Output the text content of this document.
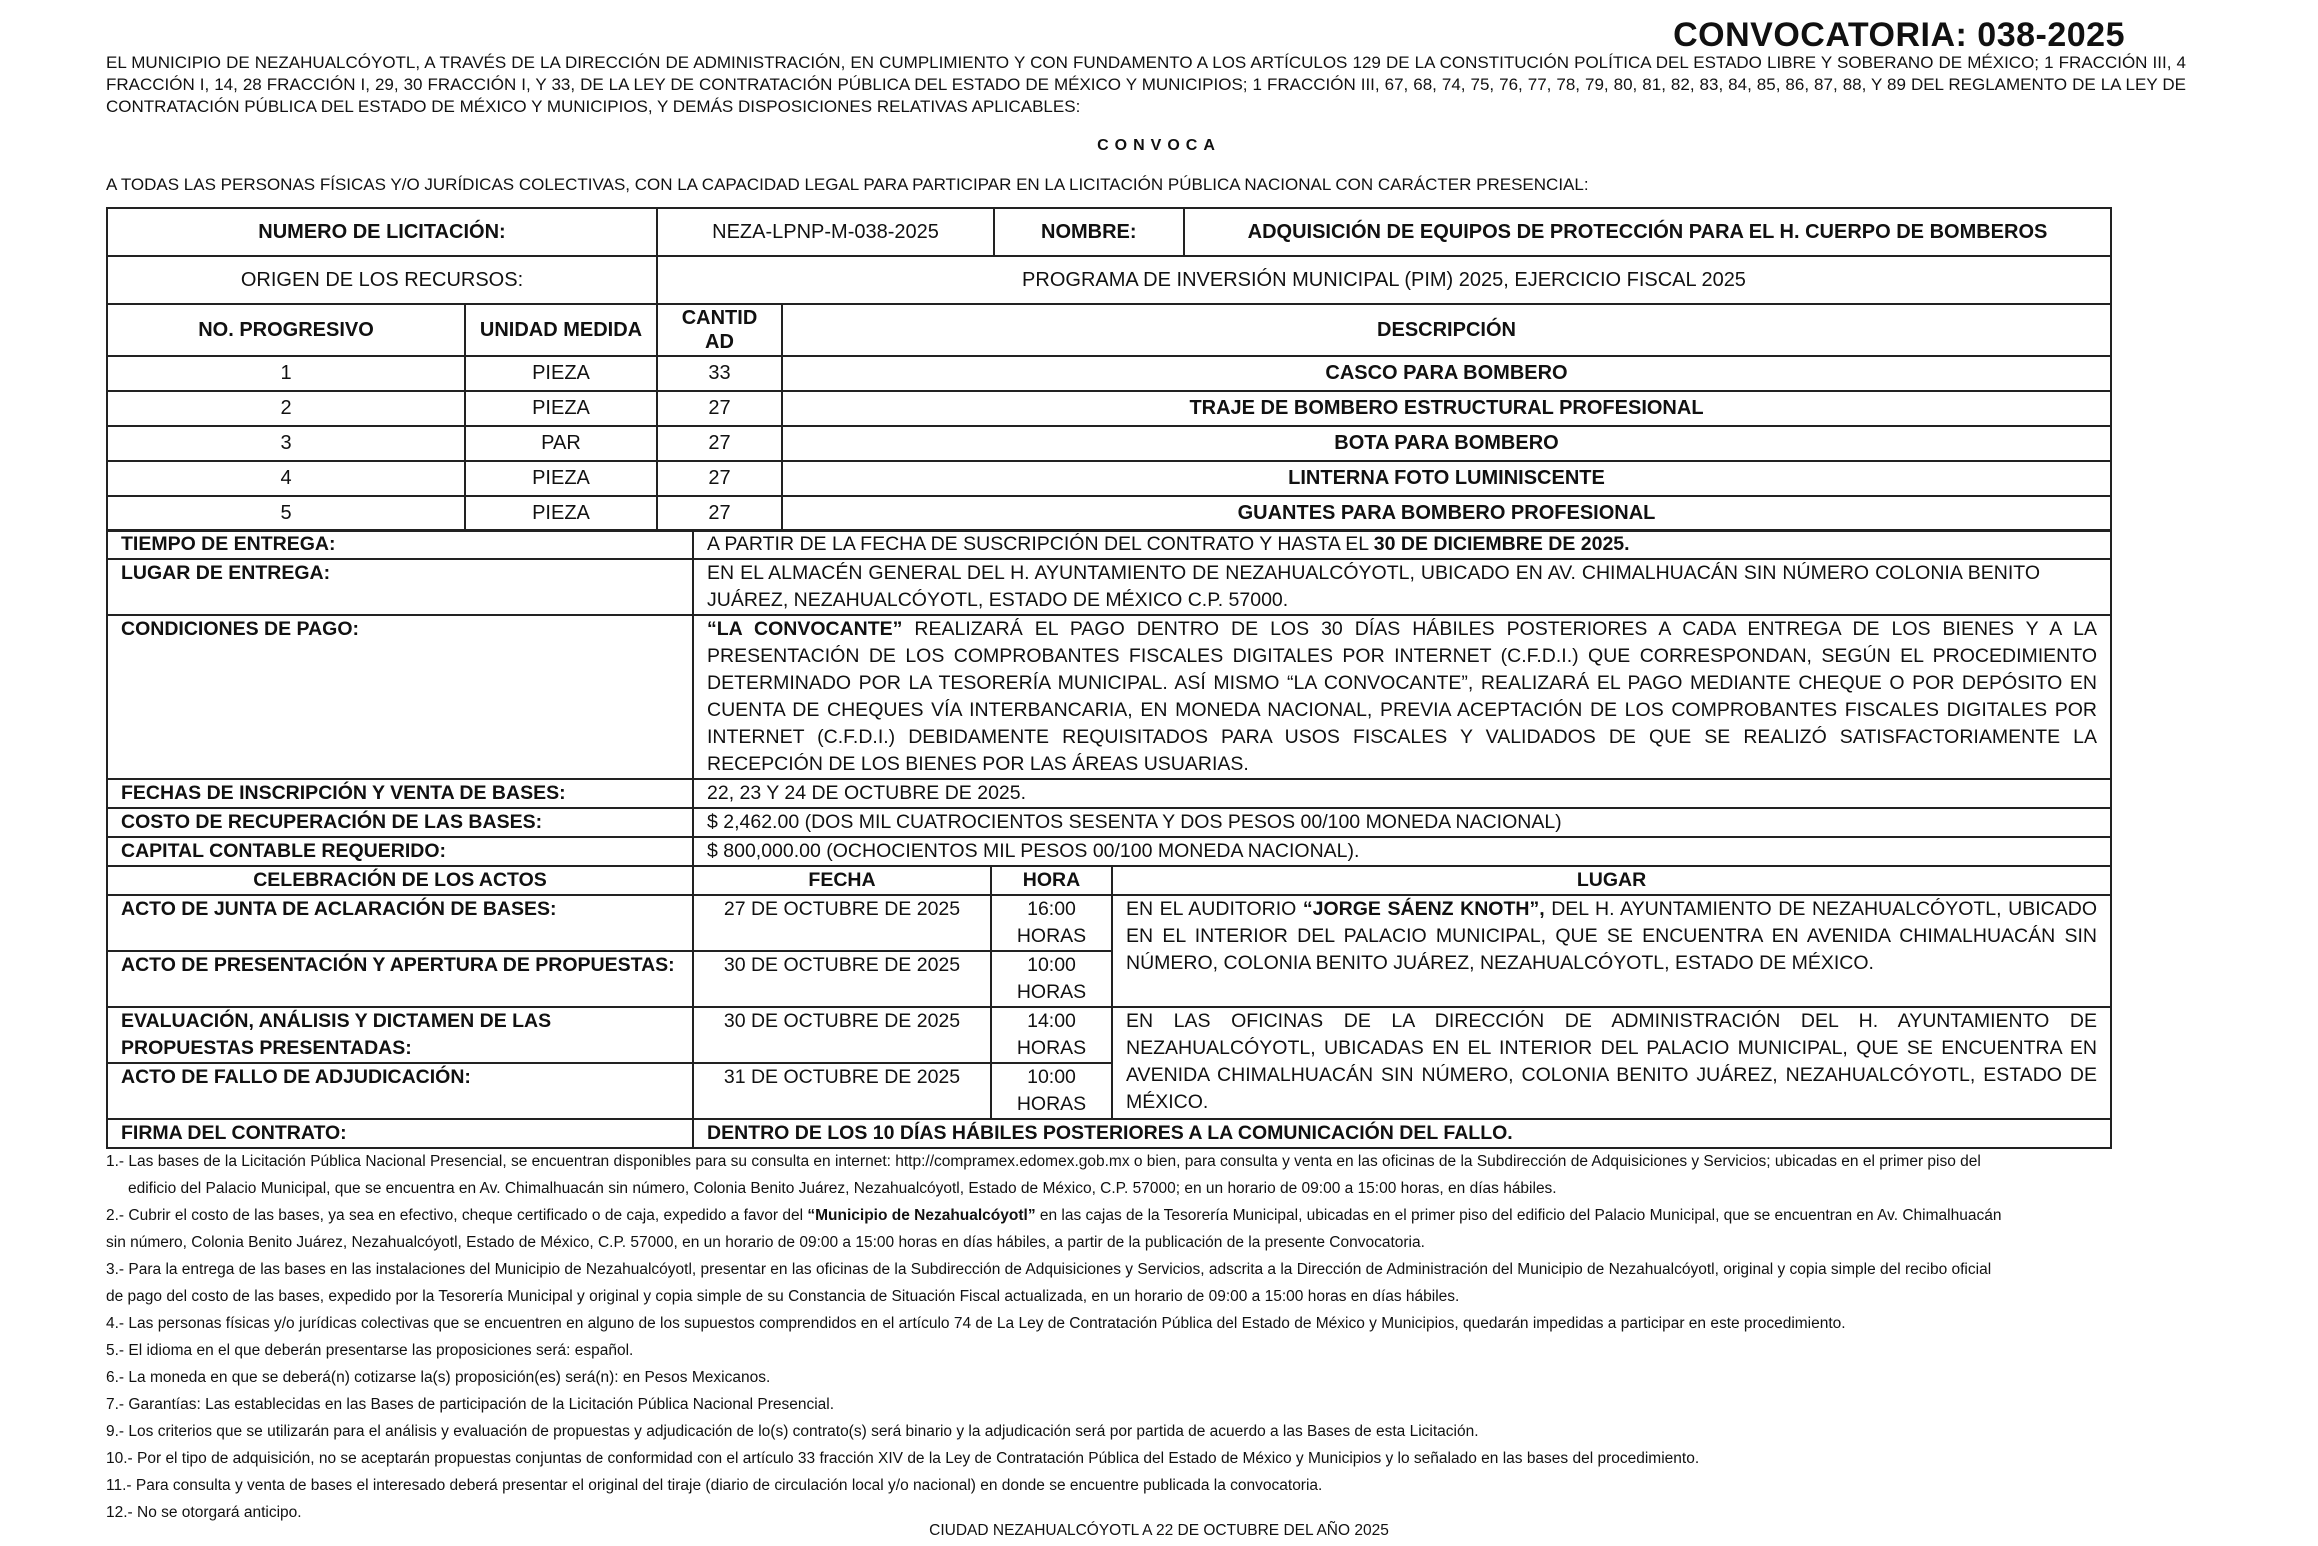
CONVOCATORIA: 038-2025
EL MUNICIPIO DE NEZAHUALCÓYOTL, A TRAVÉS DE LA DIRECCIÓN DE ADMINISTRACIÓN, EN CUMPLIMIENTO Y CON FUNDAMENTO A LOS ARTÍCULOS 129 DE LA CONSTITUCIÓN POLÍTICA DEL ESTADO LIBRE Y SOBERANO DE MÉXICO; 1 FRACCIÓN III, 4 FRACCIÓN I, 14, 28 FRACCIÓN I, 29, 30 FRACCIÓN I, Y 33, DE LA LEY DE CONTRATACIÓN PÚBLICA DEL ESTADO DE MÉXICO Y MUNICIPIOS; 1 FRACCIÓN III, 67, 68, 74, 75, 76, 77, 78, 79, 80, 81, 82, 83, 84, 85, 86, 87, 88, Y 89 DEL REGLAMENTO DE LA LEY DE CONTRATACIÓN PÚBLICA DEL ESTADO DE MÉXICO Y MUNICIPIOS, Y DEMÁS DISPOSICIONES RELATIVAS APLICABLES:
CONVOCA
A TODAS LAS PERSONAS FÍSICAS Y/O JURÍDICAS COLECTIVAS, CON LA CAPACIDAD LEGAL PARA PARTICIPAR EN LA LICITACIÓN PÚBLICA NACIONAL CON CARÁCTER PRESENCIAL:
NUMERO DE LICITACIÓN:		NEZA-LPNP-M-038-2025		NOMBRE:	ADQUISICIÓN DE EQUIPOS DE PROTECCIÓN PARA EL H. CUERPO DE BOMBEROS
ORIGEN DE LOS RECURSOS:		PROGRAMA DE INVERSIÓN MUNICIPAL (PIM) 2025, EJERCICIO FISCAL 2025			
NO. PROGRESIVO	UNIDAD MEDIDA	CANTIDAD	DESCRIPCIÓN		
1	PIEZA	33	CASCO PARA BOMBERO		
2	PIEZA	27	TRAJE DE BOMBERO ESTRUCTURAL PROFESIONAL		
3	PAR	27	BOTA PARA BOMBERO		
4	PIEZA	27	LINTERNA FOTO LUMINISCENTE		
5	PIEZA	27	GUANTES PARA BOMBERO PROFESIONAL		
TIEMPO DE ENTREGA:	A PARTIR DE LA FECHA DE SUSCRIPCIÓN DEL CONTRATO Y HASTA EL 30 DE DICIEMBRE DE 2025.		
LUGAR DE ENTREGA:	EN EL ALMACÉN GENERAL DEL H. AYUNTAMIENTO DE NEZAHUALCÓYOTL, UBICADO EN AV. CHIMALHUACÁN SIN NÚMERO COLONIA BENITO JUÁREZ, NEZAHUALCÓYOTL, ESTADO DE MÉXICO C.P. 57000.		
CONDICIONES DE PAGO:	“LA CONVOCANTE” REALIZARÁ EL PAGO DENTRO DE LOS 30 DÍAS HÁBILES POSTERIORES A CADA ENTREGA DE LOS BIENES Y A LA PRESENTACIÓN DE LOS COMPROBANTES FISCALES DIGITALES POR INTERNET (C.F.D.I.) QUE CORRESPONDAN, SEGÚN EL PROCEDIMIENTO DETERMINADO POR LA TESORERÍA MUNICIPAL. ASÍ MISMO “LA CONVOCANTE”, REALIZARÁ EL PAGO MEDIANTE CHEQUE O POR DEPÓSITO EN CUENTA DE CHEQUES VÍA INTERBANCARIA, EN MONEDA NACIONAL, PREVIA ACEPTACIÓN DE LOS COMPROBANTES FISCALES DIGITALES POR INTERNET (C.F.D.I.) DEBIDAMENTE REQUISITADOS PARA USOS FISCALES Y VALIDADOS DE QUE SE REALIZÓ SATISFACTORIAMENTE LA RECEPCIÓN DE LOS BIENES POR LAS ÁREAS USUARIAS.		
FECHAS DE INSCRIPCIÓN Y VENTA DE BASES:	22, 23 Y 24 DE OCTUBRE DE 2025.		
COSTO DE RECUPERACIÓN DE LAS BASES:	$ 2,462.00 (DOS MIL CUATROCIENTOS SESENTA Y DOS PESOS 00/100 MONEDA NACIONAL)		
CAPITAL CONTABLE REQUERIDO:	$ 800,000.00 (OCHOCIENTOS MIL PESOS 00/100 MONEDA NACIONAL).		
CELEBRACIÓN DE LOS ACTOS	FECHA	HORA	LUGAR
ACTO DE JUNTA DE ACLARACIÓN DE BASES:	27 DE OCTUBRE DE 2025	16:00 HORAS	EN EL AUDITORIO “JORGE SÁENZ KNOTH”, DEL H. AYUNTAMIENTO DE NEZAHUALCÓYOTL, UBICADO EN EL INTERIOR DEL PALACIO MUNICIPAL, QUE SE ENCUENTRA EN AVENIDA CHIMALHUACÁN SIN NÚMERO, COLONIA BENITO JUÁREZ, NEZAHUALCÓYOTL, ESTADO DE MÉXICO.
ACTO DE PRESENTACIÓN Y APERTURA DE PROPUESTAS:	30 DE OCTUBRE DE 2025	10:00 HORAS	
EVALUACIÓN, ANÁLISIS Y DICTAMEN DE LAS PROPUESTAS PRESENTADAS:	30 DE OCTUBRE DE 2025	14:00 HORAS	EN LAS OFICINAS DE LA DIRECCIÓN DE ADMINISTRACIÓN DEL H. AYUNTAMIENTO DE NEZAHUALCÓYOTL, UBICADAS EN EL INTERIOR DEL PALACIO MUNICIPAL, QUE SE ENCUENTRA EN AVENIDA CHIMALHUACÁN SIN NÚMERO, COLONIA BENITO JUÁREZ, NEZAHUALCÓYOTL, ESTADO DE MÉXICO.
ACTO DE FALLO DE ADJUDICACIÓN:	31 DE OCTUBRE DE 2025	10:00 HORAS	
FIRMA DEL CONTRATO:	DENTRO DE LOS 10 DÍAS HÁBILES POSTERIORES A LA COMUNICACIÓN DEL FALLO.		

1.- Las bases de la Licitación Pública Nacional Presencial, se encuentran disponibles para su consulta en internet: http://compramex.edomex.gob.mx o bien, para consulta y venta en las oficinas de la Subdirección de Adquisiciones y Servicios; ubicadas en el primer piso del

edificio del Palacio Municipal, que se encuentra en Av. Chimalhuacán sin número, Colonia Benito Juárez, Nezahualcóyotl, Estado de México, C.P. 57000; en un horario de 09:00 a 15:00 horas, en días hábiles.

2.- Cubrir el costo de las bases, ya sea en efectivo, cheque certificado o de caja, expedido a favor del “Municipio de Nezahualcóyotl” en las cajas de la Tesorería Municipal, ubicadas en el primer piso del edificio del Palacio Municipal, que se encuentran en Av. Chimalhuacán

sin número, Colonia Benito Juárez, Nezahualcóyotl, Estado de México, C.P. 57000, en un horario de 09:00 a 15:00 horas en días hábiles, a partir de la publicación de la presente Convocatoria.

3.- Para la entrega de las bases en las instalaciones del Municipio de Nezahualcóyotl, presentar en las oficinas de la Subdirección de Adquisiciones y Servicios, adscrita a la Dirección de Administración del Municipio de Nezahualcóyotl, original y copia simple del recibo oficial

de pago del costo de las bases, expedido por la Tesorería Municipal y original y copia simple de su Constancia de Situación Fiscal actualizada, en un horario de 09:00 a 15:00 horas en días hábiles.

4.- Las personas físicas y/o jurídicas colectivas que se encuentren en alguno de los supuestos comprendidos en el artículo 74 de La Ley de Contratación Pública del Estado de México y Municipios, quedarán impedidas a participar en este procedimiento.

5.- El idioma en el que deberán presentarse las proposiciones será: español.

6.- La moneda en que se deberá(n) cotizarse la(s) proposición(es) será(n): en Pesos Mexicanos.

7.- Garantías: Las establecidas en las Bases de participación de la Licitación Pública Nacional Presencial.

9.- Los criterios que se utilizarán para el análisis y evaluación de propuestas y adjudicación de lo(s) contrato(s) será binario y la adjudicación será por partida de acuerdo a las Bases de esta Licitación.

10.- Por el tipo de adquisición, no se aceptarán propuestas conjuntas de conformidad con el artículo 33 fracción XIV de la Ley de Contratación Pública del Estado de México y Municipios y lo señalado en las bases del procedimiento.

11.- Para consulta y venta de bases el interesado deberá presentar el original del tiraje (diario de circulación local y/o nacional) en donde se encuentre publicada la convocatoria.

12.- No se otorgará anticipo.

CIUDAD NEZAHUALCÓYOTL A 22 DE OCTUBRE DEL AÑO 2025
